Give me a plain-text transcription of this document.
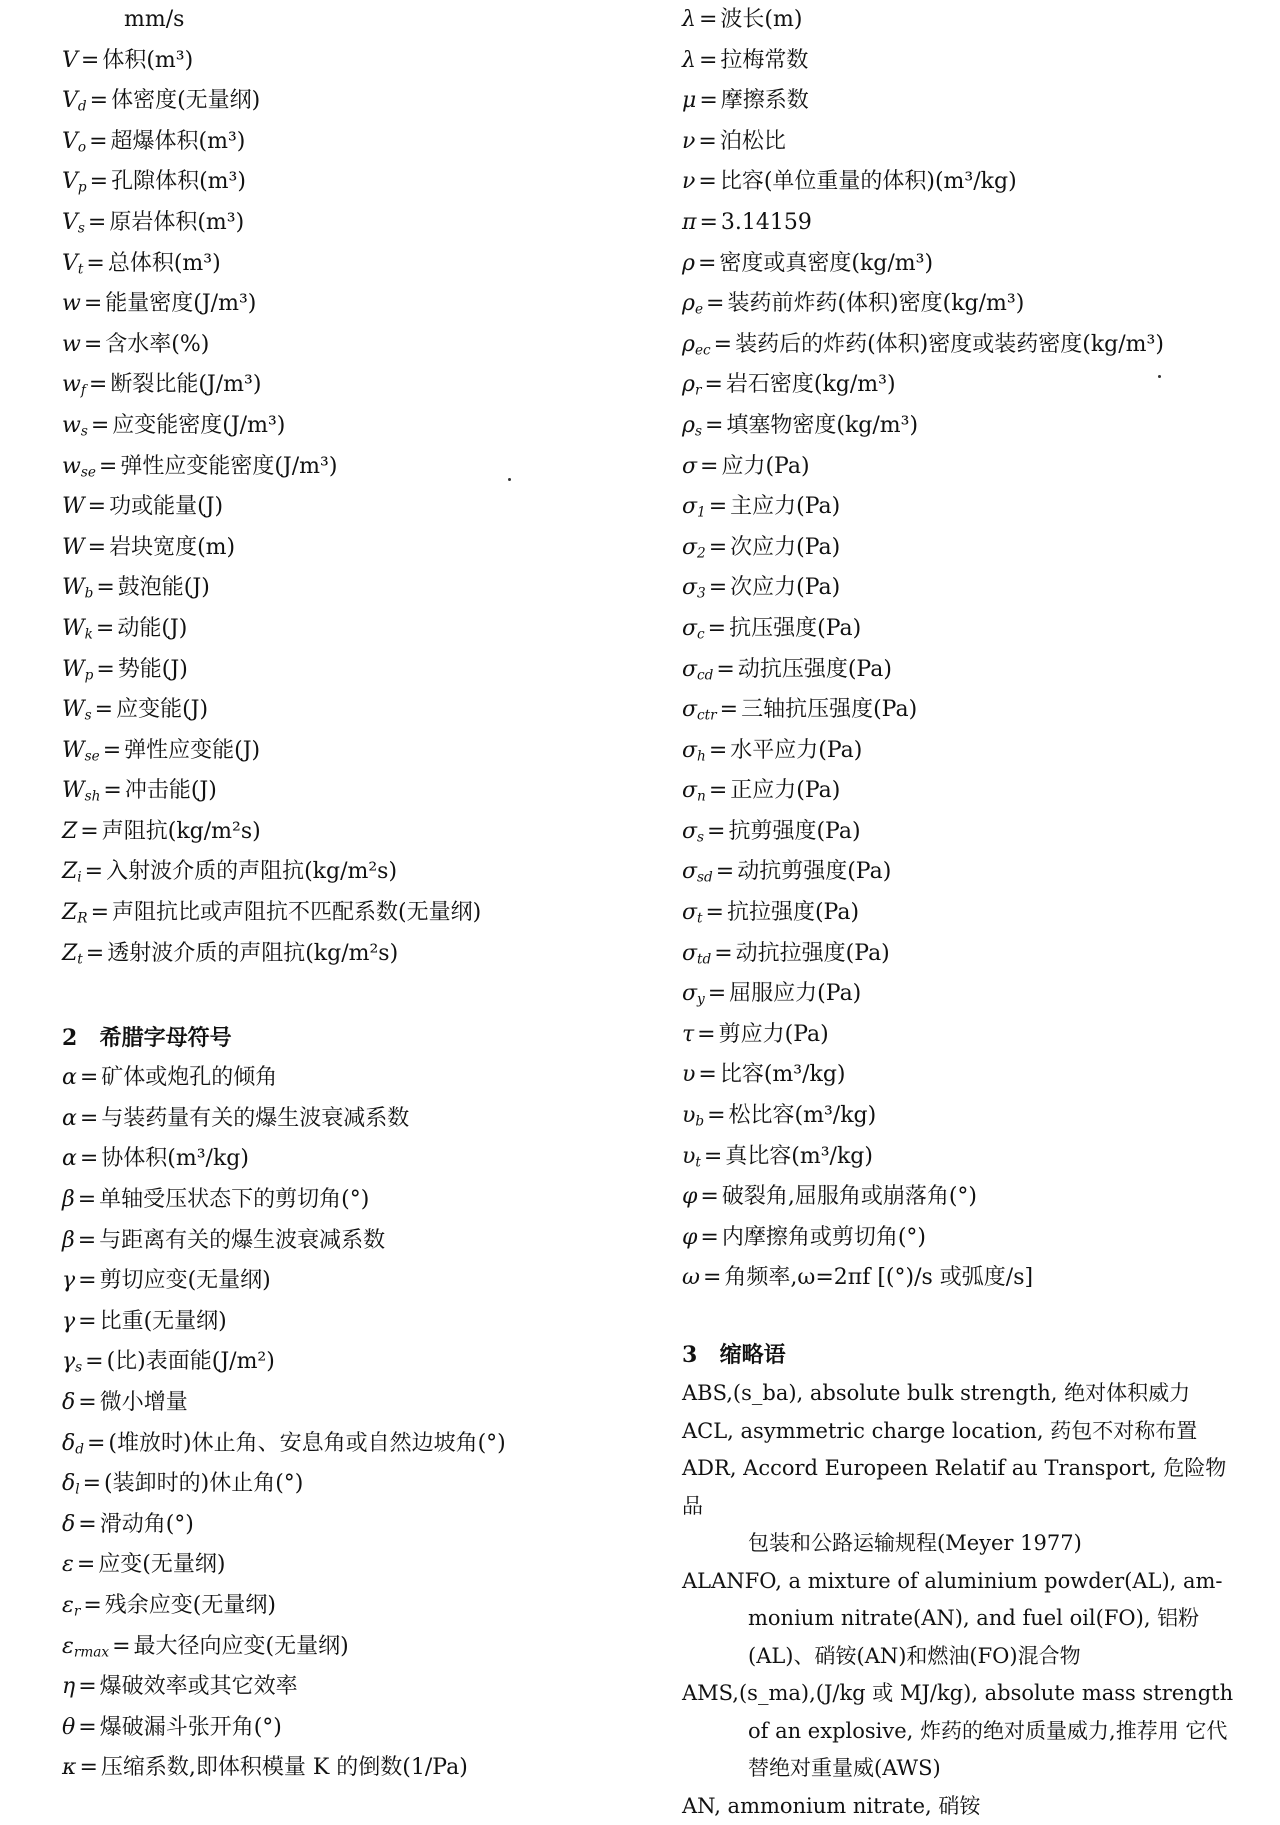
mm/s
V = 体积(m³)
$V_d$ = 体密度(无量纲)
$V_o$ = 超爆体积(m³)
$V_p$ = 孔隙体积(m³)
$V_s$ = 原岩体积(m³)
$V_t$ = 总体积(m³)
w = 能量密度(J/m³)
w = 含水率(%)
$w_f$ = 断裂比能(J/m³)
$w_s$ = 应变能密度(J/m³)
$w_{se}$ = 弹性应变能密度(J/m³)
W = 功或能量(J)
W = 岩块宽度(m)
$W_b$ = 鼓泡能(J)
$W_k$ = 动能(J)
$W_p$ = 势能(J)
$W_s$ = 应变能(J)
$W_{se}$ = 弹性应变能(J)
$W_{sh}$ = 冲击能(J)
Z = 声阻抗(kg/m²s)
$Z_i$ = 入射波介质的声阻抗(kg/m²s)
$Z_R$ = 声阻抗比或声阻抗不匹配系数(无量纲)
$Z_t$ = 透射波介质的声阻抗(kg/m²s)
2 希腊字母符号
α = 矿体或炮孔的倾角
α = 与装药量有关的爆生波衰减系数
α = 协体积(m³/kg)
β = 单轴受压状态下的剪切角(°)
β = 与距离有关的爆生波衰减系数
γ = 剪切应变(无量纲)
γ = 比重(无量纲)
$\gamma_s$ = (比)表面能(J/m²)
δ = 微小增量
$\delta_d$ = (堆放时)休止角、安息角或自然边坡角(°)
$\delta_l$ = (装卸时的)休止角(°)
δ = 滑动角(°)
ε = 应变(无量纲)
$\varepsilon_r$ = 残余应变(无量纲)
$\varepsilon_{rmax}$ = 最大径向应变(无量纲)
η = 爆破效率或其它效率
θ = 爆破漏斗张开角(°)
κ = 压缩系数,即体积模量 K 的倒数(1/Pa)
λ = 波长(m)
λ = 拉梅常数
μ = 摩擦系数
ν = 泊松比
ν = 比容(单位重量的体积)(m³/kg)
π = 3.14159
ρ = 密度或真密度(kg/m³)
$\rho_e$ = 装药前炸药(体积)密度(kg/m³)
$\rho_{ec}$ = 装药后的炸药(体积)密度或装药密度(kg/m³)
$\rho_r$ = 岩石密度(kg/m³)
$\rho_s$ = 填塞物密度(kg/m³)
σ = 应力(Pa)
$\sigma_1$ = 主应力(Pa)
$\sigma_2$ = 次应力(Pa)
$\sigma_3$ = 次应力(Pa)
$\sigma_c$ = 抗压强度(Pa)
$\sigma_{cd}$ = 动抗压强度(Pa)
$\sigma_{ctr}$ = 三轴抗压强度(Pa)
$\sigma_h$ = 水平应力(Pa)
$\sigma_n$ = 正应力(Pa)
$\sigma_s$ = 抗剪强度(Pa)
$\sigma_{sd}$ = 动抗剪强度(Pa)
$\sigma_t$ = 抗拉强度(Pa)
$\sigma_{td}$ = 动抗拉强度(Pa)
$\sigma_y$ = 屈服应力(Pa)
τ = 剪应力(Pa)
υ = 比容(m³/kg)
$\upsilon_b$ = 松比容(m³/kg)
$\upsilon_t$ = 真比容(m³/kg)
φ = 破裂角,屈服角或崩落角(°)
φ = 内摩擦角或剪切角(°)
ω = 角频率,ω=2πf [(°)/s 或弧度/s]
3 缩略语
ABS,(s_ba), absolute bulk strength, 绝对体积威力
ACL, asymmetric charge location, 药包不对称布置
ADR, Accord Europeen Relatif au Transport, 危险物品
包装和公路运输规程(Meyer 1977)
ALANFO, a mixture of aluminium powder(AL), am-
monium nitrate(AN), and fuel oil(FO), 铝粉 (AL)、硝铵(AN)和燃油(FO)混合物
AMS,(s_ma),(J/kg 或 MJ/kg), absolute mass strength
of an explosive, 炸药的绝对质量威力,推荐用 它代替绝对重量威(AWS)
AN, ammonium nitrate, 硝铵
